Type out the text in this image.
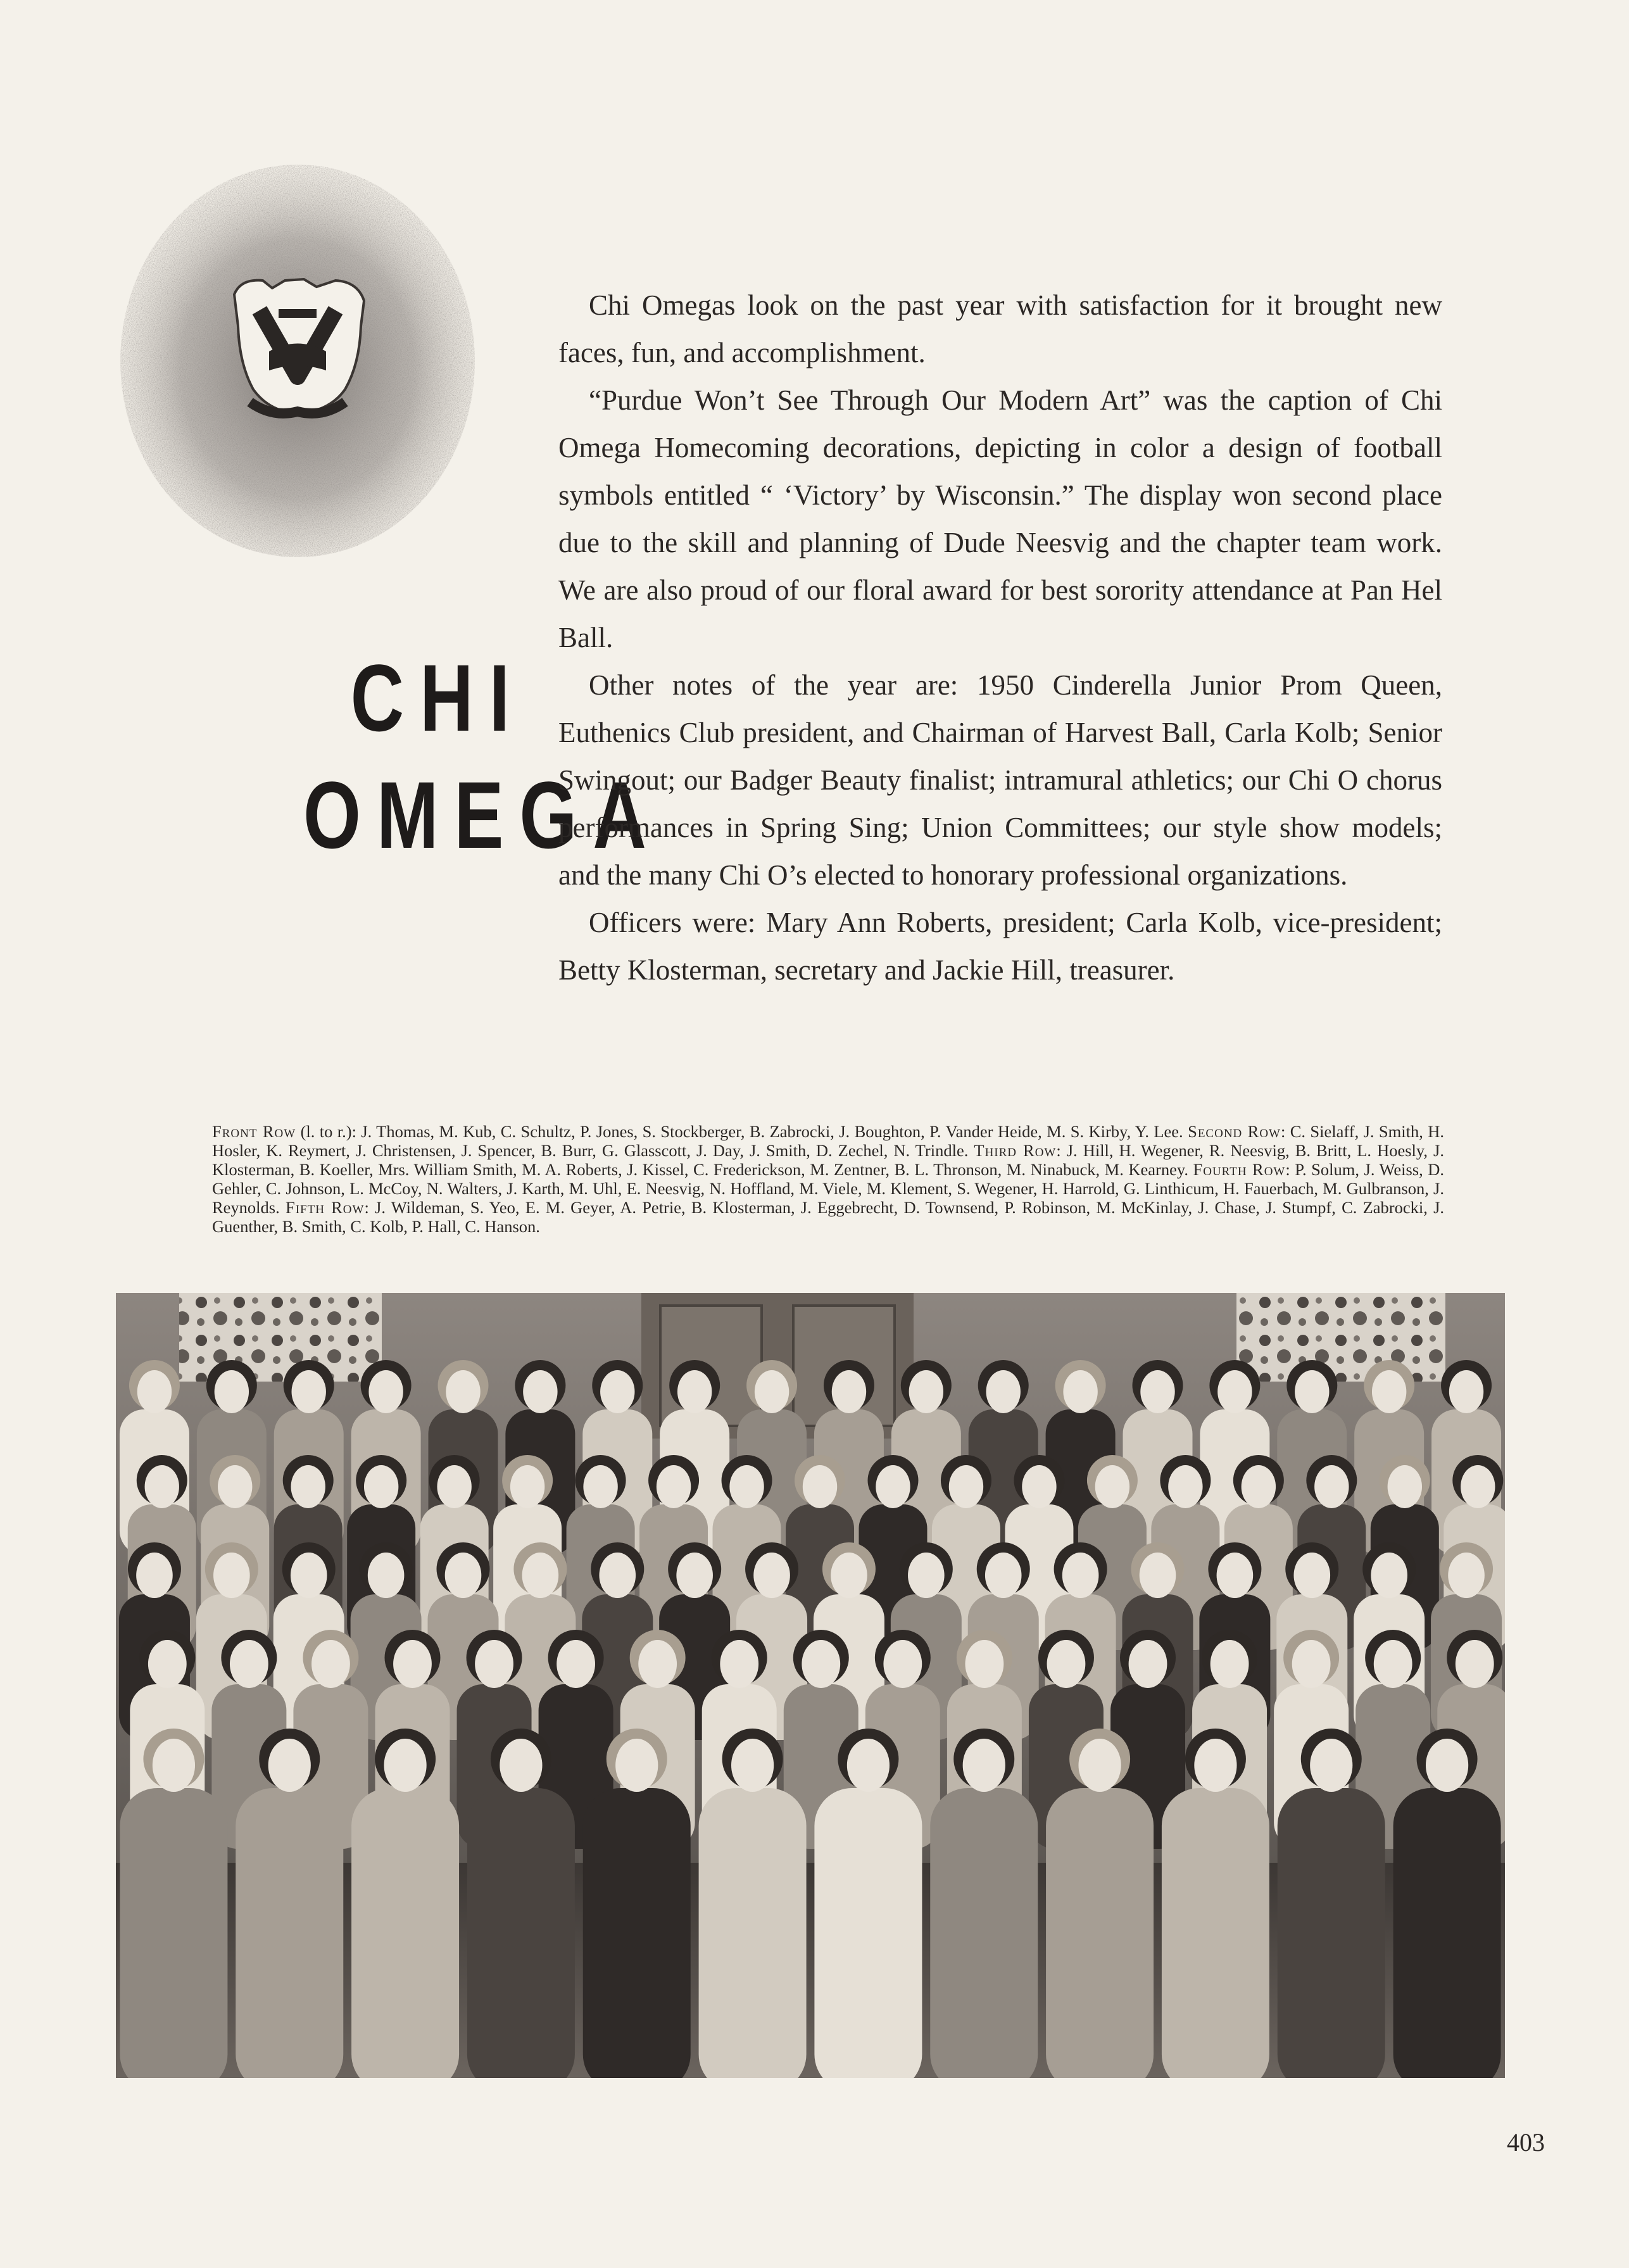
CHI
OMEGA

Chi Omegas look on the past year with satisfaction for it brought new faces, fun, and accomplishment.

“Purdue Won’t See Through Our Modern Art” was the caption of Chi Omega Homecoming decorations, depicting in color a design of football symbols entitled “ ‘Victory’ by Wisconsin.” The display won second place due to the skill and planning of Dude Neesvig and the chapter team work. We are also proud of our floral award for best sorority attendance at Pan Hel Ball.

Other notes of the year are: 1950 Cinderella Junior Prom Queen, Euthenics Club president, and Chairman of Harvest Ball, Carla Kolb; Senior Swingout; our Badger Beauty finalist; intramural athletics; our Chi O chorus performances in Spring Sing; Union Committees; our style show models; and the many Chi O’s elected to honorary professional organizations.

Officers were: Mary Ann Roberts, president; Carla Kolb, vice-president; Betty Klosterman, secretary and Jackie Hill, treasurer.

Front Row (l. to r.): J. Thomas, M. Kub, C. Schultz, P. Jones, S. Stockberger, B. Zabrocki, J. Boughton, P. Vander Heide, M. S. Kirby, Y. Lee. Second Row: C. Sielaff, J. Smith, H. Hosler, K. Reymert, J. Christensen, J. Spencer, B. Burr, G. Glasscott, J. Day, J. Smith, D. Zechel, N. Trindle. Third Row: J. Hill, H. Wegener, R. Neesvig, B. Britt, L. Hoesly, J. Klosterman, B. Koeller, Mrs. William Smith, M. A. Roberts, J. Kissel, C. Frederickson, M. Zentner, B. L. Thronson, M. Ninabuck, M. Kearney. Fourth Row: P. Solum, J. Weiss, D. Gehler, C. Johnson, L. McCoy, N. Walters, J. Karth, M. Uhl, E. Neesvig, N. Hoffland, M. Viele, M. Klement, S. Wegener, H. Harrold, G. Linthicum, H. Fauerbach, M. Gulbranson, J. Reynolds. Fifth Row: J. Wildeman, S. Yeo, E. M. Geyer, A. Petrie, B. Klosterman, J. Eggebrecht, D. Townsend, P. Robinson, M. McKinlay, J. Chase, J. Stumpf, C. Zabrocki, J. Guenther, B. Smith, C. Kolb, P. Hall, C. Hanson.

403
